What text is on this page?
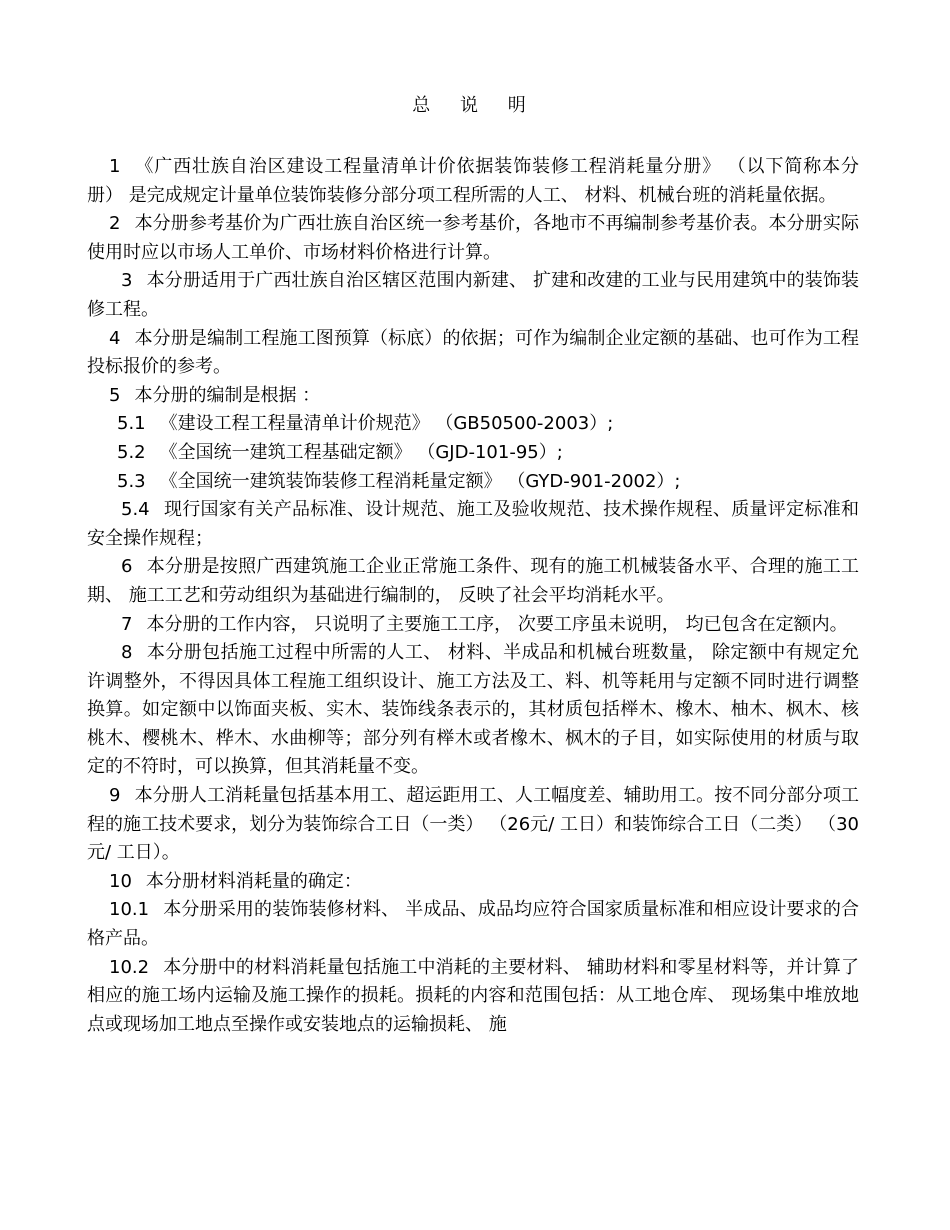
总 说 明

1 《广西壮族自治区建设工程量清单计价依据装饰装修工程消耗量分册》 （以下简称本分册） 是完成规定计量单位装饰装修分部分项工程所需的人工、 材料、机械台班的消耗量依据。

2 本分册参考基价为广西壮族自治区统一参考基价，各地市不再编制参考基价表。本分册实际使用时应以市场人工单价、市场材料价格进行计算。

3 本分册适用于广西壮族自治区辖区范围内新建、 扩建和改建的工业与民用建筑中的装饰装修工程。

4 本分册是编制工程施工图预算（标底）的依据；可作为编制企业定额的基础、也可作为工程投标报价的参考。

5 本分册的编制是根据 ：

5.1 《建设工程工程量清单计价规范》 （GB50500-2003）;

5.2 《全国统一建筑工程基础定额》 （GJD-101-95）;

5.3 《全国统一建筑装饰装修工程消耗量定额》 （GYD-901-2002）;

5.4 现行国家有关产品标准、设计规范、施工及验收规范、技术操作规程、质量评定标准和安全操作规程；

6 本分册是按照广西建筑施工企业正常施工条件、现有的施工机械装备水平、合理的施工工期、 施工工艺和劳动组织为基础进行编制的， 反映了社会平均消耗水平。

7 本分册的工作内容， 只说明了主要施工工序， 次要工序虽未说明， 均已包含在定额内。

8 本分册包括施工过程中所需的人工、 材料、半成品和机械台班数量， 除定额中有规定允许调整外，不得因具体工程施工组织设计、施工方法及工、料、机等耗用与定额不同时进行调整换算。如定额中以饰面夹板、实木、装饰线条表示的，其材质包括榉木、橡木、柚木、枫木、核桃木、樱桃木、桦木、水曲柳等；部分列有榉木或者橡木、枫木的子目，如实际使用的材质与取定的不符时，可以换算，但其消耗量不变。

9 本分册人工消耗量包括基本用工、超运距用工、人工幅度差、辅助用工。按不同分部分项工程的施工技术要求，划分为装饰综合工日（一类） （26元/ 工日）和装饰综合工日（二类） （30元/ 工日）。

10 本分册材料消耗量的确定：

10.1 本分册采用的装饰装修材料、 半成品、成品均应符合国家质量标准和相应设计要求的合格产品。

10.2 本分册中的材料消耗量包括施工中消耗的主要材料、 辅助材料和零星材料等，并计算了相应的施工场内运输及施工操作的损耗。损耗的内容和范围包括：从工地仓库、 现场集中堆放地点或现场加工地点至操作或安装地点的运输损耗、 施
